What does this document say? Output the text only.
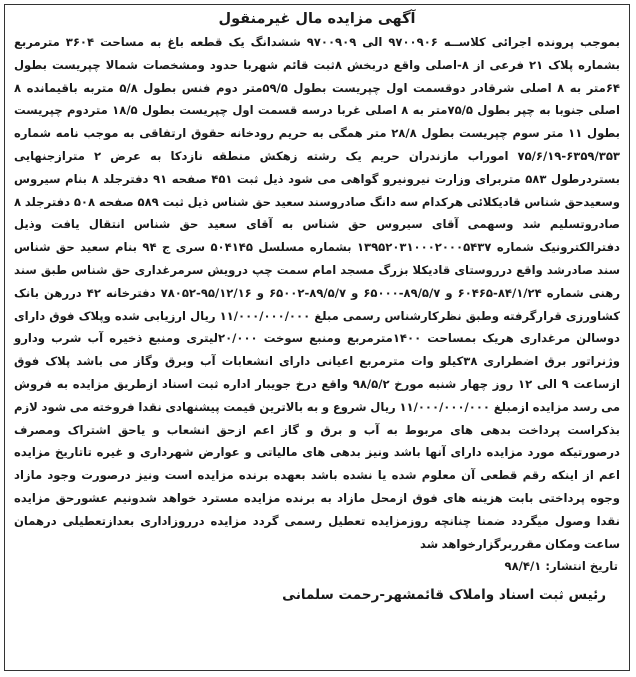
آگهی مزایده مال غیرمنقول

بموجب پرونده اجرائی کلاســه ۹۷۰۰۹۰۶ الی ۹۷۰۰۹۰۹ ششدانگ یک قطعه باغ به مساحت ۳۶۰۴ مترمربع بشماره پلاک ۲۱ فرعی از ۸-اصلی واقع دربخش ۸ثبت قائم شهربا حدود ومشخصات شمالا چپریست بطول ۶۴متر به ۸ اصلی شرقادر دوقسمت اول چپریست بطول ۵۹/۵متر دوم فنس بطول ۵/۸ متربه باقیمانده ۸ اصلی جنوبا به چپر بطول ۷۵/۵متر به ۸ اصلی غربا درسه قسمت اول چپریست بطول ۱۸/۵ متردوم چپریست بطول ۱۱ متر سوم چپریست بطول ۲۸/۸ متر همگی به حریم رودخانه حقوق ارتفاقی به موجب نامه شماره ۶۳۵۹/۳۵۳-۷۵/۶/۱۹ اموراب مازندران حریم یک رشته زهکش منطقه نازدکا به عرض ۲ مترازجنهایی بستردرطول ۵۸۳ متربرای وزارت نیرونیرو گواهی می شود ذیل ثبت ۴۵۱ صفحه ۹۱ دفترجلد ۸ بنام سیروس وسعیدحق شناس قادیکلائی هرکدام سه دانگ صادروسند سعید حق شناس ذیل ثبت ۵۸۹ صفحه ۵۰۸ دفترجلد ۸ صادروتسلیم شد وسهمی آقای سیروس حق شناس به آقای سعید حق شناس انتقال یافت وذیل دفترالکترونیک شماره ۱۳۹۵۲۰۳۱۰۰۰۲۰۰۰۵۴۳۷ بشماره مسلسل ۵۰۴۱۴۵ سری ج ۹۴ بنام سعید حق شناس سند صادرشد واقع درروستای قادیکلا بزرگ مسجد امام سمت چپ درویش سرمرغداری حق شناس طبق سند رهنی شماره ۸۴/۱/۲۴-۶۰۴۶۵ و ۸۹/۵/۷-۶۵۰۰۰ و ۸۹/۵/۷-۶۵۰۰۲ و ۹۵/۱۲/۱۶-۷۸۰۵۲ دفترخانه ۴۲ دررهن بانک کشاورزی قرارگرفته وطبق نظرکارشناس رسمی مبلغ ۱۱/۰۰۰/۰۰۰/۰۰۰ ریال ارزیابی شده وپلاک فوق دارای دوسالن مرغداری هریک بمساحت ۱۴۰۰مترمربع ومنبع سوخت ۲۰/۰۰۰لیتری ومنبع ذخیره آب شرب ودارو وژنراتور برق اضطراری ۳۸کیلو وات مترمربع اعیانی دارای انشعابات آب وبرق وگاز می باشد پلاک فوق ازساعت ۹ الی ۱۲ روز چهار شنبه مورخ ۹۸/۵/۲ واقع درخ جویبار اداره ثبت اسناد ازطریق مزایده به فروش می رسد مزایده ازمبلغ ۱۱/۰۰۰/۰۰۰/۰۰۰ ریال شروع و به بالاترین قیمت پیشنهادی نقدا فروخته می شود لازم بذکراست پرداخت بدهی های مربوط به آب و برق و گاز اعم ازحق انشعاب و یاحق اشتراک ومصرف درصورتیکه مورد مزایده دارای آنها باشد ونیز بدهی های مالیاتی و عوارض شهرداری و غیره تاتاریخ مزایده اعم از اینکه رقم قطعی آن معلوم شده یا نشده باشد بعهده برنده مزایده است ونیز درصورت وجود مازاد وجوه پرداختی بابت هزینه های فوق ازمحل مازاد به برنده مزایده مسترد خواهد شدونیم عشورحق مزایده نقدا وصول میگردد ضمنا چنانچه روزمزایده تعطیل رسمی گردد مزایده درروزاداری بعدازتعطیلی درهمان ساعت ومکان مقرربرگزارخواهد شد

تاریخ انتشار: ۹۸/۴/۱
رئیس ثبت اسناد واملاک قائمشهر-رحمت سلمانی
